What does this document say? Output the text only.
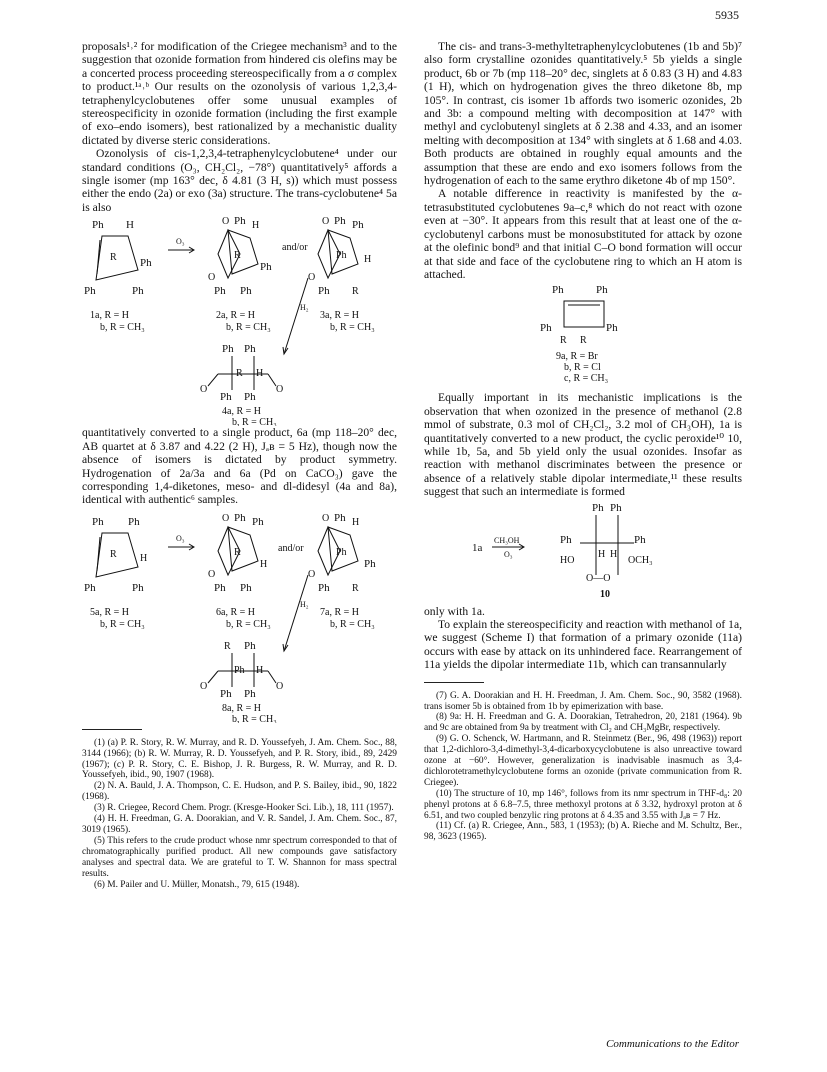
5935

proposals¹˒² for modification of the Criegee mechanism³ and to the suggestion that ozonide formation from hindered cis olefins may be a concerted process proceeding stereospecifically from a σ complex to product.¹ᵃ˒ᵇ Our results on the ozonolysis of various 1,2,3,4-tetraphenylcyclobutenes offer some unusual examples of stereospecificity in ozonide formation (including the first example of exo–endo isomers), best rationalized by a mechanistic duality dictated by diverse steric considerations.

Ozonolysis of cis-1,2,3,4-tetraphenylcyclobutene⁴ under our standard conditions (O₃, CH₂Cl₂, −78°) quantitatively⁵ affords a single isomer (mp 163° dec, δ 4.81 (3 H, s)) which must possess either the endo (2a) or exo (3a) structure. The trans-cyclobutene⁴ 5a is also

Ph H
R Ph
Ph	Ph
1a, R = H
b, R = CH₃
O₃
O Ph H
R
O
Ph
Ph Ph
2a, R = H
b, R = CH₃
and/or
O Ph Ph
Ph
O
H
Ph R
3a, R = H
b, R = CH₃
H₂
Ph Ph
R H
O	O
Ph Ph
4a, R = H
b, R = CH₃

quantitatively converted to a single product, 6a (mp 118–20° dec, AB quartet at δ 3.87 and 4.22 (2 H), Jₐʙ = 5 Hz), though now the absence of isomers is dictated by product symmetry. Hydrogenation of 2a/3a and 6a (Pd on CaCO₃) gave the corresponding 1,4-diketones, meso- and dl-didesyl (4a and 8a), identical with authentic⁶ samples.

Ph Ph
R H
Ph	Ph
5a, R = H
b, R = CH₃
O₃
O Ph Ph
R
O
H
Ph Ph
6a, R = H
b, R = CH₃
and/or
O Ph H
Ph
O
Ph
Ph R
7a, R = H
b, R = CH₃
H₂
R Ph
Ph H
O	O
Ph Ph
8a, R = H
b, R = CH₃

(1) (a) P. R. Story, R. W. Murray, and R. D. Youssefyeh, J. Am. Chem. Soc., 88, 3144 (1966); (b) R. W. Murray, R. D. Youssefyeh, and P. R. Story, ibid., 89, 2429 (1967); (c) P. R. Story, C. E. Bishop, J. R. Burgess, R. W. Murray, and R. D. Youssefyeh, ibid., 90, 1907 (1968).

(2) N. A. Bauld, J. A. Thompson, C. E. Hudson, and P. S. Bailey, ibid., 90, 1822 (1968).

(3) R. Criegee, Record Chem. Progr. (Kresge-Hooker Sci. Lib.), 18, 111 (1957).

(4) H. H. Freedman, G. A. Doorakian, and V. R. Sandel, J. Am. Chem. Soc., 87, 3019 (1965).

(5) This refers to the crude product whose nmr spectrum corresponded to that of chromatographically purified product. All new compounds gave satisfactory analyses and spectral data. We are grateful to T. W. Shannon for mass spectral results.

(6) M. Pailer and U. Müller, Monatsh., 79, 615 (1948).

The cis- and trans-3-methyltetraphenylcyclobutenes (1b and 5b)⁷ also form crystalline ozonides quantitatively.⁵ 5b yields a single product, 6b or 7b (mp 118–20° dec, singlets at δ 0.83 (3 H) and 4.83 (1 H), which on hydrogenation gives the threo diketone 8b, mp 105°. In contrast, cis isomer 1b affords two isomeric ozonides, 2b and 3b: a compound melting with decomposition at 147° with methyl and cyclobutenyl singlets at δ 2.38 and 4.33, and an isomer melting with decomposition at 134° with singlets at δ 1.68 and 4.03. Both products are obtained in roughly equal amounts and the assumption that these are endo and exo isomers follows from the hydrogenation of each to the same erythro diketone 4b of mp 150°.

A notable difference in reactivity is manifested by the α-tetrasubstituted cyclobutenes 9a–c,⁸ which do not react with ozone even at −30°. It appears from this result that at least one of the α-cyclobutenyl carbons must be monosubstituted for attack by ozone at the olefinic bond⁹ and that initial C–O bond formation will occur at that side and face of the cyclobutene ring to which an H atom is attached.

Ph	Ph
Ph	Ph
R R
9a, R = Br
b, R = Cl
c, R = CH₃

Equally important in its mechanistic implications is the observation that when ozonized in the presence of methanol (2.8 mmol of substrate, 0.3 mol of CH₂Cl₂, 3.2 mol of CH₃OH), 1a is quantitatively converted to a new product, the cyclic peroxide¹⁰ 10, while 1b, 5a, and 5b yield only the usual ozonides. Insofar as reaction with methanol discriminates between the presence or absence of a relatively stable dipolar intermediate,¹¹ these results suggest that such an intermediate is formed

1a
CH₃OH
O₃
Ph Ph
Ph	Ph
H H
HO	OCH₃
O—O
10

only with 1a.

To explain the stereospecificity and reaction with methanol of 1a, we suggest (Scheme I) that formation of a primary ozonide (11a) occurs with ease by attack on its unhindered face. Rearrangement of 11a yields the dipolar intermediate 11b, which can transannularly

(7) G. A. Doorakian and H. H. Freedman, J. Am. Chem. Soc., 90, 3582 (1968). trans isomer 5b is obtained from 1b by epimerization with base.

(8) 9a: H. H. Freedman and G. A. Doorakian, Tetrahedron, 20, 2181 (1964). 9b and 9c are obtained from 9a by treatment with Cl₂ and CH₃MgBr, respectively.

(9) G. O. Schenck, W. Hartmann, and R. Steinmetz (Ber., 96, 498 (1963)) report that 1,2-dichloro-3,4-dimethyl-3,4-dicarboxycyclobutene is also unreactive toward ozone at −60°. However, generalization is inadvisable inasmuch as 3,4-dichlorotetramethylcyclobutene forms an ozonide (private communication from R. Criegee).

(10) The structure of 10, mp 146°, follows from its nmr spectrum in THF-d₈: 20 phenyl protons at δ 6.8–7.5, three methoxyl protons at δ 3.32, hydroxyl proton at δ 6.51, and two coupled benzylic ring protons at δ 4.35 and 3.55 with Jₐʙ = 7 Hz.

(11) Cf. (a) R. Criegee, Ann., 583, 1 (1953); (b) A. Rieche and M. Schultz, Ber., 98, 3623 (1965).

Communications to the Editor
